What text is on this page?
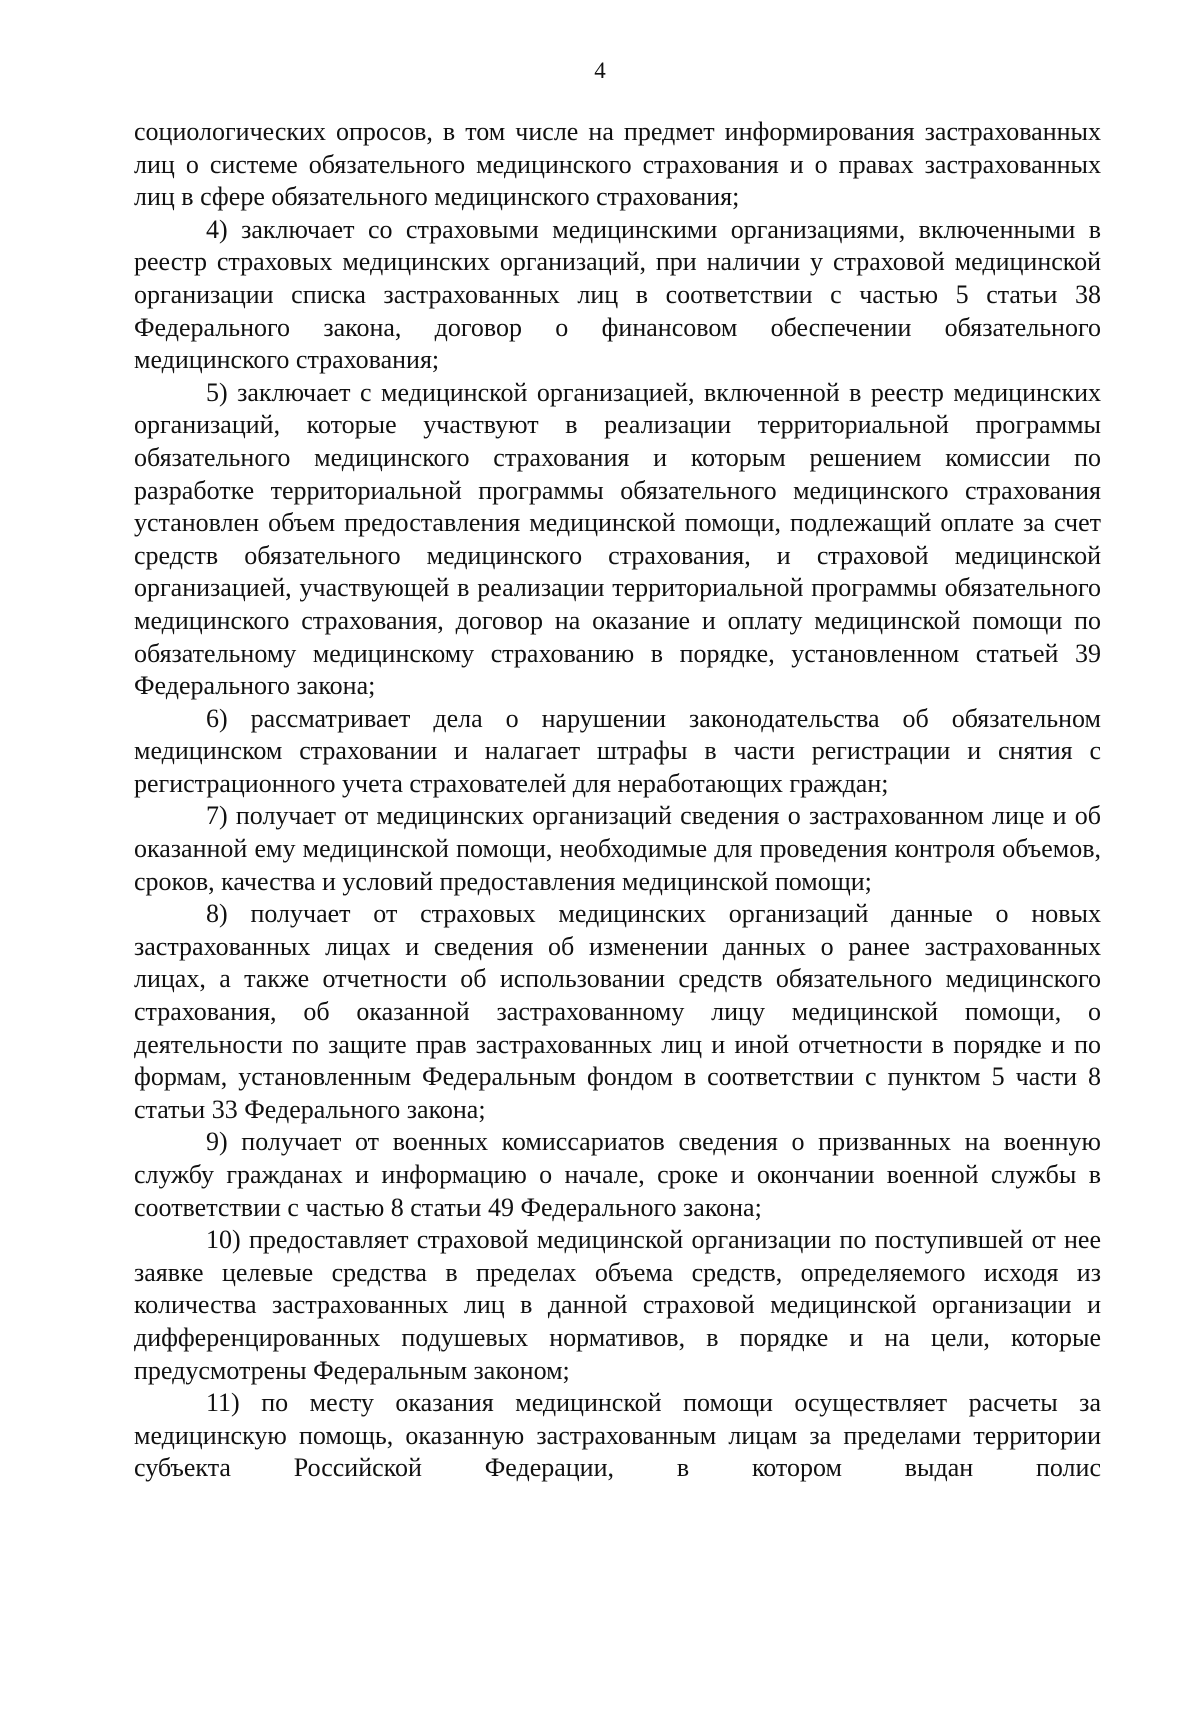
4

социологических опросов, в том числе на предмет информирования застрахованных лиц о системе обязательного медицинского страхования и о правах застрахованных лиц в сфере обязательного медицинского страхования;

4) заключает со страховыми медицинскими организациями, включенными в реестр страховых медицинских организаций, при наличии у страховой медицинской организации списка застрахованных лиц в соответствии с частью 5 статьи 38 Федерального закона, договор о финансовом обеспечении обязательного медицинского страхования;

5) заключает с медицинской организацией, включенной в реестр медицинских организаций, которые участвуют в реализации территориальной программы обязательного медицинского страхования и которым решением комиссии по разработке территориальной программы обязательного медицинского страхования установлен объем предоставления медицинской помощи, подлежащий оплате за счет средств обязательного медицинского страхования, и страховой медицинской организацией, участвующей в реализации территориальной программы обязательного медицинского страхования, договор на оказание и оплату медицинской помощи по обязательному медицинскому страхованию в порядке, установленном статьей 39 Федерального закона;

6) рассматривает дела о нарушении законодательства об обязательном медицинском страховании и налагает штрафы в части регистрации и снятия с регистрационного учета страхователей для неработающих граждан;

7) получает от медицинских организаций сведения о застрахованном лице и об оказанной ему медицинской помощи, необходимые для проведения контроля объемов, сроков, качества и условий предоставления медицинской помощи;

8) получает от страховых медицинских организаций данные о новых застрахованных лицах и сведения об изменении данных о ранее застрахованных лицах, а также отчетности об использовании средств обязательного медицинского страхования, об оказанной застрахованному лицу медицинской помощи, о деятельности по защите прав застрахованных лиц и иной отчетности в порядке и по формам, установленным Федеральным фондом в соответствии с пунктом 5 части 8 статьи 33 Федерального закона;

9) получает от военных комиссариатов сведения о призванных на военную службу гражданах и информацию о начале, сроке и окончании военной службы в соответствии с частью 8 статьи 49 Федерального закона;

10) предоставляет страховой медицинской организации по поступившей от нее заявке целевые средства в пределах объема средств, определяемого исходя из количества застрахованных лиц в данной страховой медицинской организации и дифференцированных подушевых нормативов, в порядке и на цели, которые предусмотрены Федеральным законом;

11) по месту оказания медицинской помощи осуществляет расчеты за медицинскую помощь, оказанную застрахованным лицам за пределами территории субъекта Российской Федерации, в котором выдан полис
